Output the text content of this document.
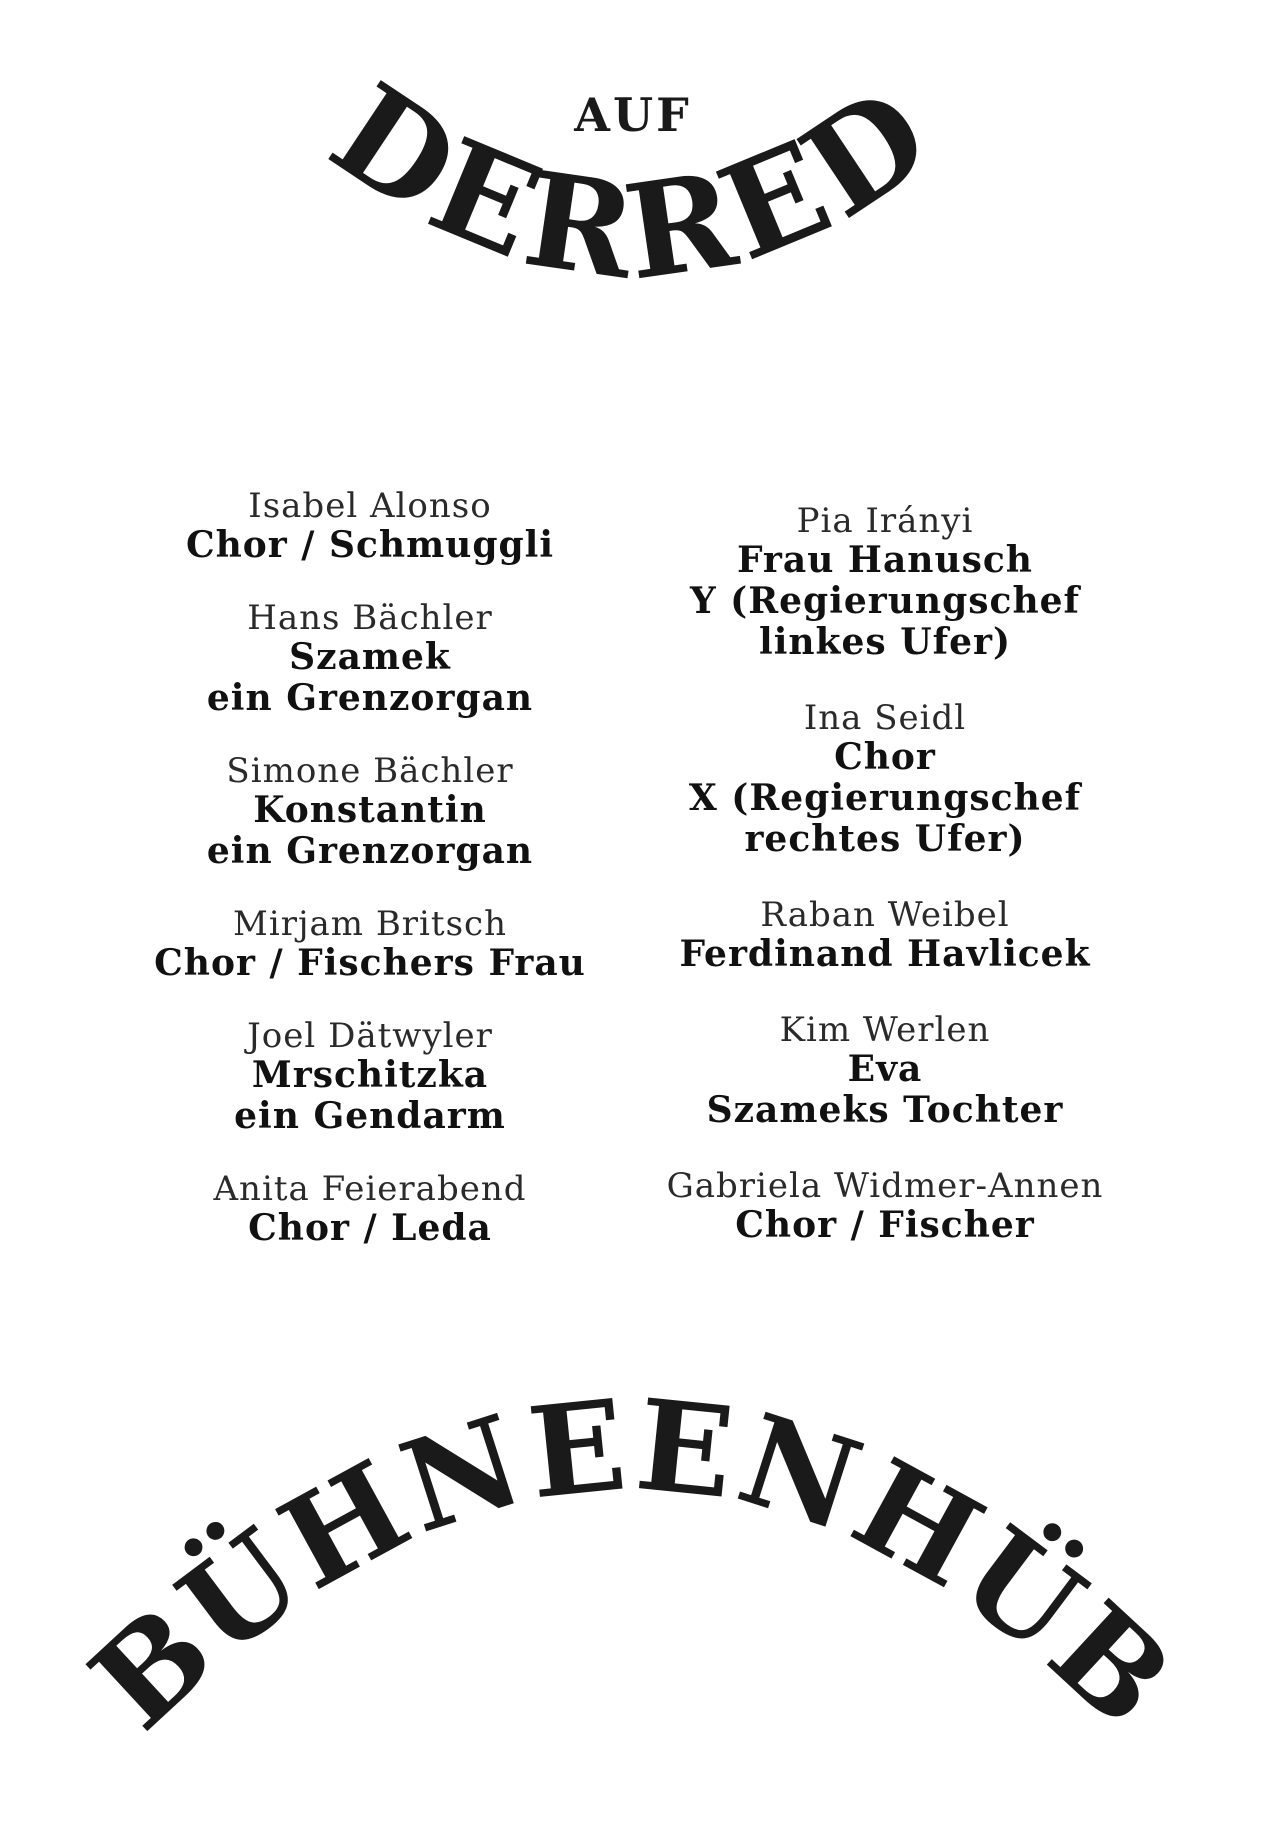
AUF
DERRED
Isabel Alonso
Chor / Schmuggli
Hans Bächler
Szamek
ein Grenzorgan
Simone Bächler
Konstantin
ein Grenzorgan
Mirjam Britsch
Chor / Fischers Frau
Joel Dätwyler
Mrschitzka
ein Gendarm
Anita Feierabend
Chor / Leda
Pia Irányi
Frau Hanusch
Y (Regierungschef
linkes Ufer)
Ina Seidl
Chor
X (Regierungschef
rechtes Ufer)
Raban Weibel
Ferdinand Havlicek
Kim Werlen
Eva
Szameks Tochter
Gabriela Widmer-Annen
Chor / Fischer
BÜHNEENHÜB
